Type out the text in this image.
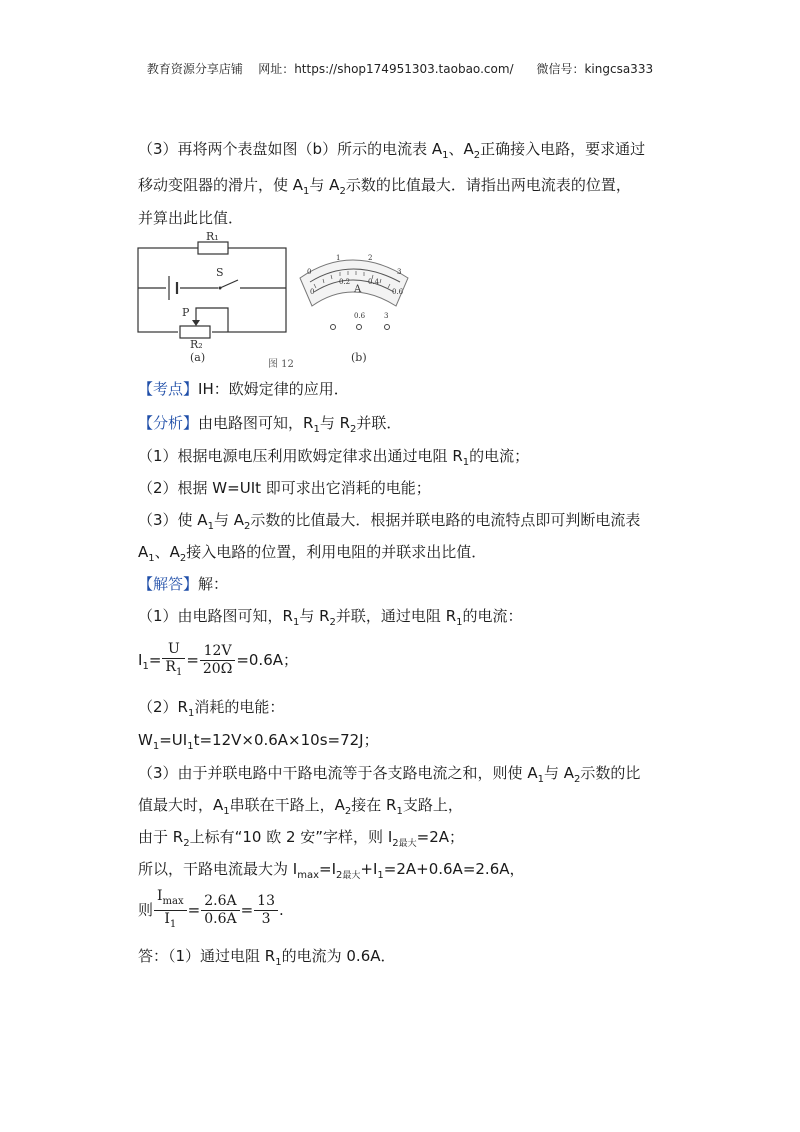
教育资源分享店铺 网址：https://shop174951303.taobao.com/ 微信号：kingcsa333
（3）再将两个表盘如图（b）所示的电流表 $A_1$、$A_2$正确接入电路，要求通过
移动变阻器的滑片，使 $A_1$与 $A_2$示数的比值最大．请指出两电流表的位置，
并算出此比值．
R₁
S
P
R₂
(a)
图 12
(b)
0
1	2
3
0
0.2	0.4
0.6
A
0.6	3
【考点】IH：欧姆定律的应用．
【分析】由电路图可知，$R_1$与 $R_2$并联．
（1）根据电源电压利用欧姆定律求出通过电阻 $R_1$的电流；
（2）根据 W=UIt 即可求出它消耗的电能；
（3）使 $A_1$与 $A_2$示数的比值最大．根据并联电路的电流特点即可判断电流表
$A_1$、$A_2$接入电路的位置，利用电阻的并联求出比值．
【解答】解：
（1）由电路图可知，$R_1$与 $R_2$并联，通过电阻 $R_1$的电流：
$I_1= \frac{U}{R_1} = \frac{12V}{20\Omega} =0.6A$；
$(2)R_1$消耗的电能：
$W_1=UI_1t=12V\times 0.6A\times 10s=72J$；
（3）由于并联电路中干路电流等于各支路电流之和，则使 $A_1$与 $A_2$示数的比
值最大时，$A_1$串联在干路上，$A_2$接在 $R_1$支路上，
由于 $R_2$上标有“10 欧 2 安”字样，则 $I_{2最大}=2A$；
所以，干路电流最大为 $I_{max}=I_{2最大}+I_1=2A+0.6A=2.6A$，
则 $\frac{I_{max}}{I_1} = \frac{2.6A}{0.6A} = \frac{13}{3}$ .
答：（1）通过电阻 $R_1$的电流为 0.6A．
